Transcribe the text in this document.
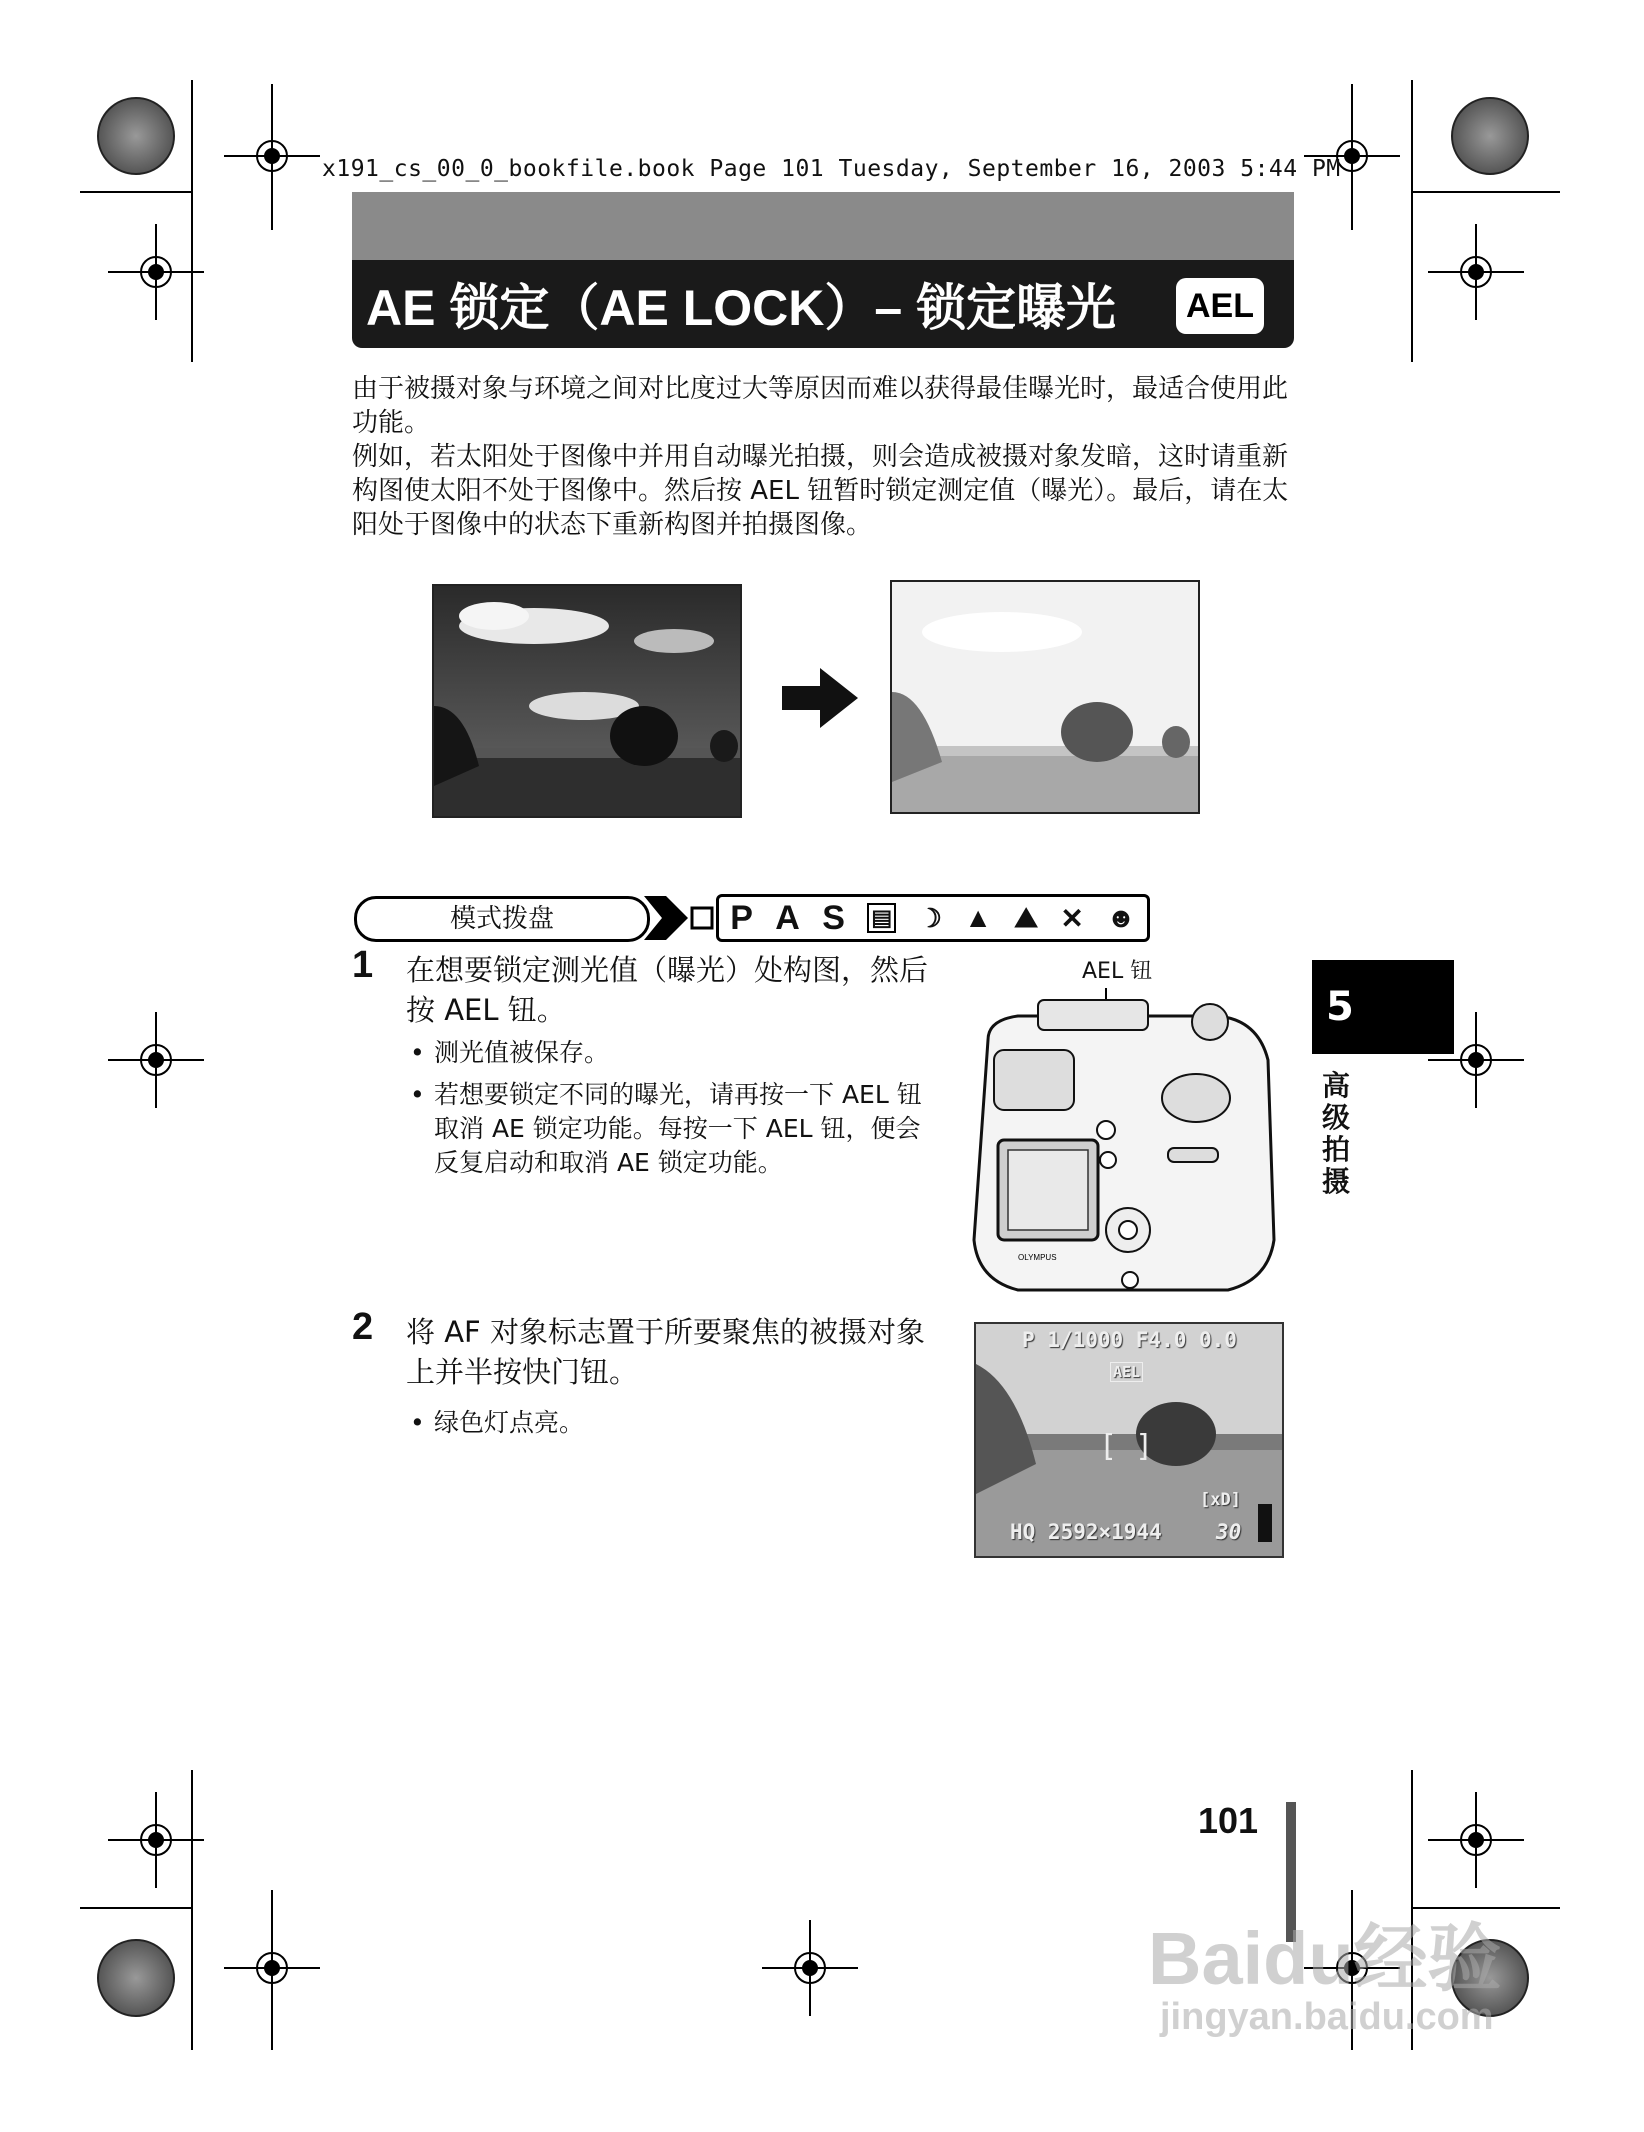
x191_cs_00_0_bookfile.book Page 101 Tuesday, September 16, 2003 5:44 PM
AE 锁定（AE LOCK）– 锁定曝光 AEL

由于被摄对象与环境之间对比度过大等原因而难以获得最佳曝光时，最适合使用此功能。

例如，若太阳处于图像中并用自动曝光拍摄，则会造成被摄对象发暗，这时请重新构图使太阳不处于图像中。然后按 AEL 钮暂时锁定测定值（曝光）。最后，请在太阳处于图像中的状态下重新构图并拍摄图像。

模式拨盘	P A S ▤ ☽ ▲ ⛰ ✕ ☻
1 在想要锁定测光值（曝光）处构图，然后按 AEL 钮。
• 测光值被保存。
• 若想要锁定不同的曝光，请再按一下 AEL 钮取消 AE 锁定功能。每按一下 AEL 钮，便会反复启动和取消 AE 锁定功能。
AEL 钮
OLYMPUS
2 将 AF 对象标志置于所要聚焦的被摄对象上并半按快门钮。
• 绿色灯点亮。
[ ]
P 1/1000 F4.0 0.0
AEL
[xD]
HQ 2592×1944	30
5
高级拍摄
101
Baidu经验
jingyan.baidu.com
